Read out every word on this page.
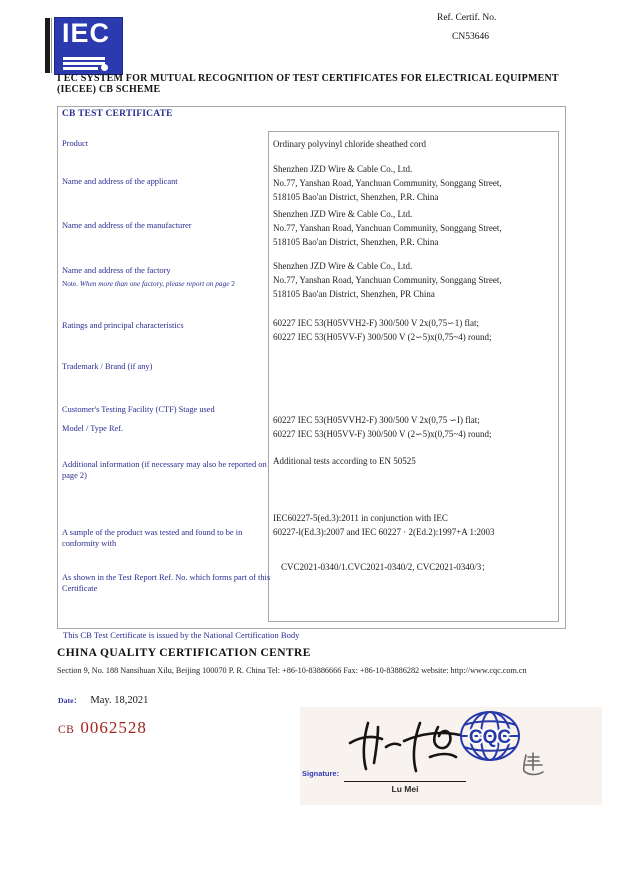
IEC	Ref. Certif. No.
CN53646
I EC SYSTEM FOR MUTUAL RECOGNITION OF TEST CERTIFICATES FOR ELECTRICAL EQUIPMENT
(IECEE) CB SCHEME
CB TEST CERTIFICATE
Product
Name and address of the applicant
Name and address of the manufacturer
Name and address of the factory
Note. When more than one factory, please report on page 2
Ratings and principal characteristics
Trademark / Brand (if any)
Customer's Testing Facility (CTF) Stage used
Model / Type Ref.
Additional information (if necessary may also be reported on page 2)
A sample of the product was tested and found to be in conformity with
As shown in the Test Report Ref. No. which forms part of this Certificate
Ordinary polyvinyl chloride sheathed cord
Shenzhen JZD Wire & Cable Co., Ltd.
No.77, Yanshan Road, Yanchuan Community, Songgang Street,
518105 Bao'an District, Shenzhen, P.R. China
Shenzhen JZD Wire & Cable Co., Ltd.
No.77, Yanshan Road, Yanchuan Community, Songgang Street,
518105 Bao'an District, Shenzhen, P.R. China
Shenzhen JZD Wire & Cable Co., Ltd.
No.77, Yanshan Road, Yanchuan Community, Songgang Street,
518105 Bao'an District, Shenzhen, PR China
60227 IEC 53(H05VVH2-F) 300/500 V 2x(0,75∽1) flat;
60227 IEC 53(H05VV-F) 300/500 V (2∽5)x(0,75~4) round;
60227 IEC 53(H05VVH2-F) 300/500 V 2x(0,75 ∽I) flat;
60227 IEC 53(H05VV-F) 300/500 V (2∽5)x(0,75~4) round;
Additional tests according to EN 50525
IEC60227-5(ed.3):2011 in conjunction with IEC
60227-l(Ed.3):2007 and IEC 60227 · 2(Ed.2):1997+A 1:2003
CVC2021-0340/1.CVC2021-0340/2, CVC2021-0340/3；
This CB Test Certificate is issued by the National Certification Body
CHINA QUALITY CERTIFICATION CENTRE
Section 9, No. 188 Nansihuan Xilu, Beijing 100070 P. R. China Tel: +86-10-83886666 Fax: +86-10-83886282 website: http://www.cqc.com.cn
Date： May. 18,2021
CB 0062528	CQC
Signature:
Lu Mei
